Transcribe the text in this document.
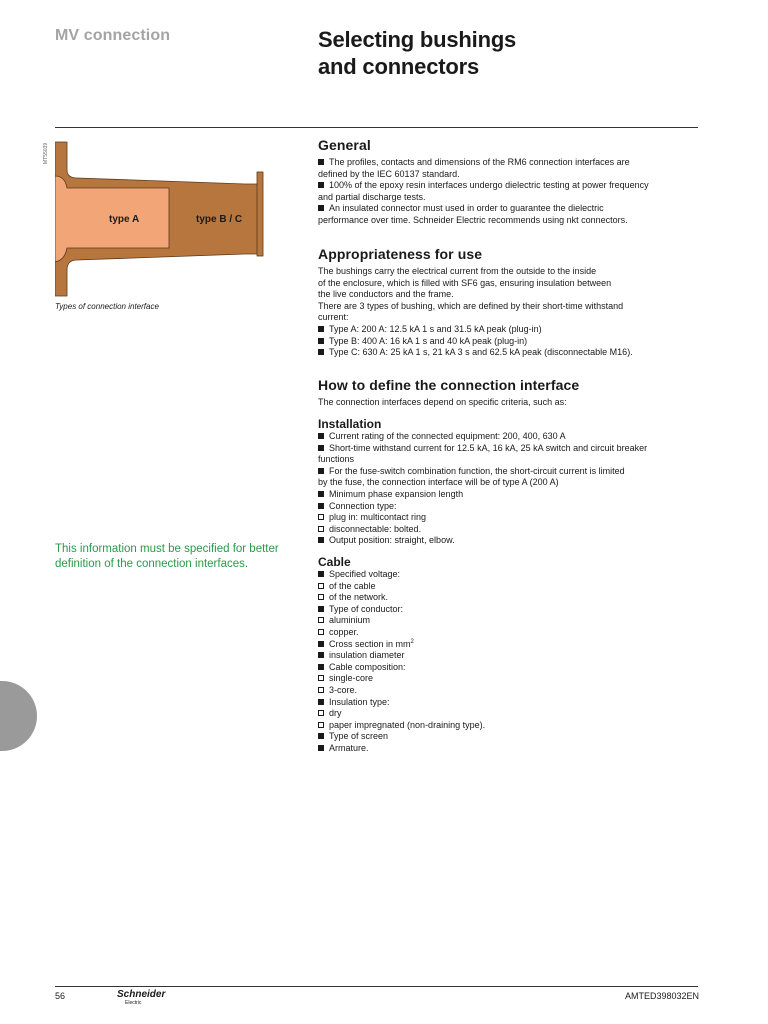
MV connection	Selecting bushings
and connectors
MT55039
type A	type B / C
Types of connection interface
This information must be specified for better definition of the connection interfaces.
General
The profiles, contacts and dimensions of the RM6 connection interfaces are
defined by the IEC 60137 standard.
100% of the epoxy resin interfaces undergo dielectric testing at power frequency
and partial discharge tests.
An insulated connector must used in order to guarantee the dielectric
performance over time. Schneider Electric recommends using nkt connectors.
Appropriateness for use
The bushings carry the electrical current from the outside to the inside
of the enclosure, which is filled with SF6 gas, ensuring insulation between
the live conductors and the frame.
There are 3 types of bushing, which are defined by their short-time withstand
current:
Type A: 200 A: 12.5 kA 1 s and 31.5 kA peak (plug-in)
Type B: 400 A: 16 kA 1 s and 40 kA peak (plug-in)
Type C: 630 A: 25 kA 1 s, 21 kA 3 s and 62.5 kA peak (disconnectable M16).
How to define the connection interface
The connection interfaces depend on specific criteria, such as:
Installation
Current rating of the connected equipment: 200, 400, 630 A
Short-time withstand current for 12.5 kA, 16 kA, 25 kA switch and circuit breaker
functions
For the fuse-switch combination function, the short-circuit current is limited
by the fuse, the connection interface will be of type A (200 A)
Minimum phase expansion length
Connection type:
plug in: multicontact ring
disconnectable: bolted.
Output position: straight, elbow.
Cable
Specified voltage:
of the cable
of the network.
Type of conductor:
aluminium
copper.
Cross section in $mm^2$
insulation diameter
Cable composition:
single-core
3-core.
Insulation type:
dry
paper impregnated (non-draining type).
Type of screen
Armature.
56	Schneider
Electric
AMTED398032EN
